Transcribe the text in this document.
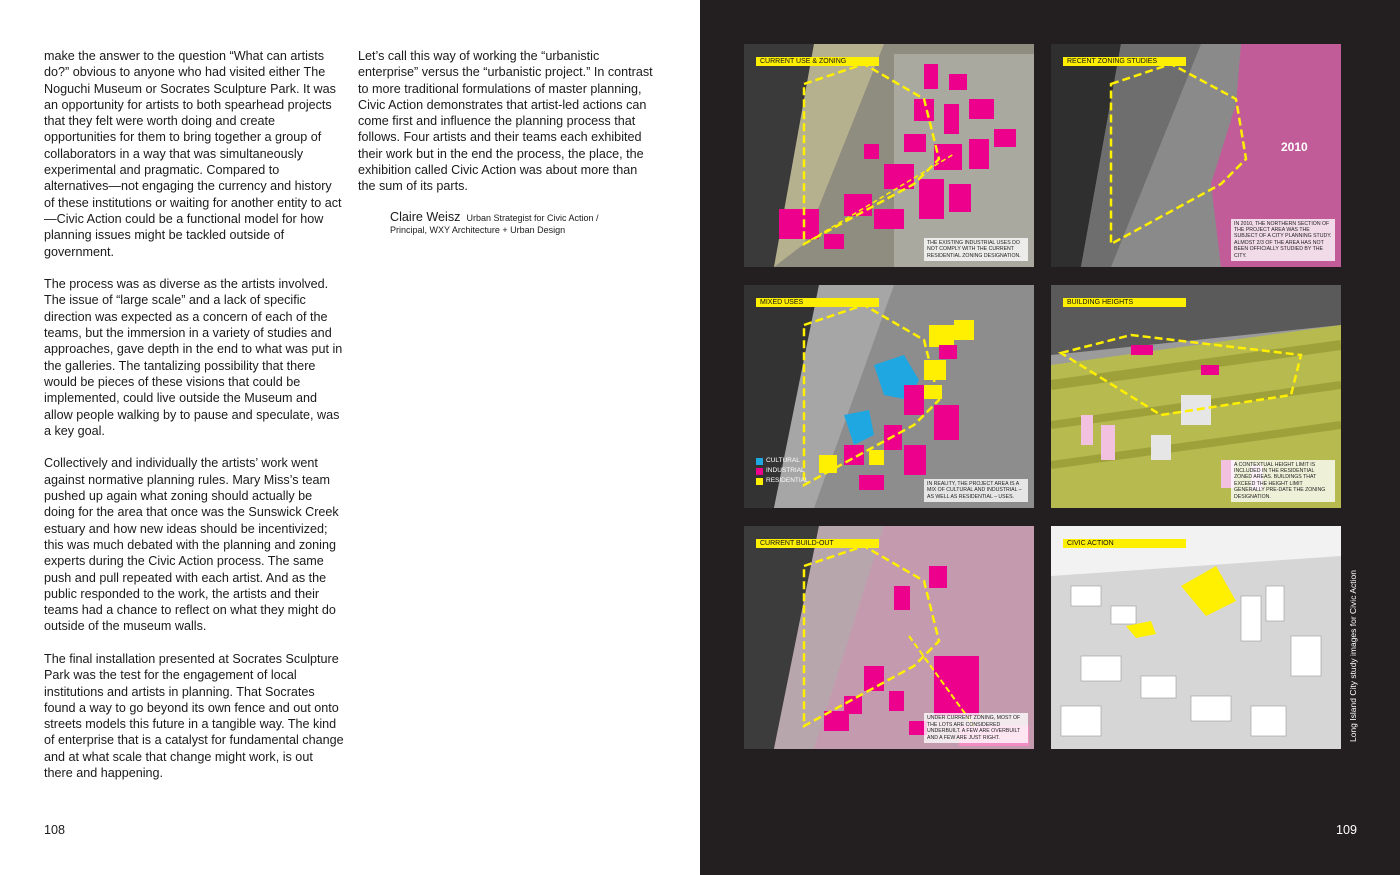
make the answer to the question “What can artists do?” obvious to anyone who had visited either The Noguchi Museum or Socrates Sculpture Park. It was an opportunity for artists to both spearhead projects that they felt were worth doing and create opportunities for them to bring together a group of collaborators in a way that was simultaneously experimental and pragmatic. Compared to alternatives—not engaging the currency and history of these institutions or waiting for another entity to act—Civic Action could be a functional model for how planning issues might be tackled outside of government.

The process was as diverse as the artists involved. The issue of “large scale” and a lack of specific direction was expected as a concern of each of the teams, but the immersion in a variety of studies and approaches, gave depth in the end to what was put in the galleries. The tantalizing possibility that there would be pieces of these visions that could be implemented, could live outside the Museum and allow people walking by to pause and speculate, was a key goal.

Collectively and individually the artists’ work went against normative planning rules. Mary Miss’s team pushed up again what zoning should actually be doing for the area that once was the Sunswick Creek estuary and how new ideas should be incentivized; this was much debated with the planning and zoning experts during the Civic Action process. The same push and pull repeated with each artist. And as the public responded to the work, the artists and their teams had a chance to reflect on what they might do outside of the museum walls.

The final installation presented at Socrates Sculpture Park was the test for the engagement of local institutions and artists in planning. That Socrates found a way to go beyond its own fence and out onto streets models this future in a tangible way. The kind of enterprise that is a catalyst for fundamental change and at what scale that change might work, is out there and happening.

Let’s call this way of working the “urbanistic enterprise” versus the “urbanistic project.” In contrast to more traditional formulations of master planning, Civic Action demonstrates that artist-led actions can come first and influence the planning process that follows. Four artists and their teams each exhibited their work but in the end the process, the place, the exhibition called Civic Action was about more than the sum of its parts.

Claire Weisz Urban Strategist for Civic Action /
Principal, WXY Architecture + Urban Design
108
CURRENT USE & ZONING
THE EXISTING INDUSTRIAL USES DO NOT COMPLY WITH THE CURRENT RESIDENTIAL ZONING DESIGNATION.
RECENT ZONING STUDIES
2010
IN 2010, THE NORTHERN SECTION OF THE PROJECT AREA WAS THE SUBJECT OF A CITY PLANNING STUDY. ALMOST 2/3 OF THE AREA HAS NOT BEEN OFFICIALLY STUDIED BY THE CITY.
MIXED USES
CULTURAL
INDUSTRIAL
RESIDENTIAL	IN REALITY, THE PROJECT AREA IS A MIX OF CULTURAL AND INDUSTRIAL – AS WELL AS RESIDENTIAL – USES.
BUILDING HEIGHTS
A CONTEXTUAL HEIGHT LIMIT IS INCLUDED IN THE RESIDENTIAL ZONED AREAS. BUILDINGS THAT EXCEED THE HEIGHT LIMIT GENERALLY PRE-DATE THE ZONING DESIGNATION.
CURRENT BUILD-OUT
UNDER CURRENT ZONING, MOST OF THE LOTS ARE CONSIDERED UNDERBUILT. A FEW ARE OVERBUILT AND A FEW ARE JUST RIGHT.
CIVIC ACTION
Long Island City study images for Civic Action
109
